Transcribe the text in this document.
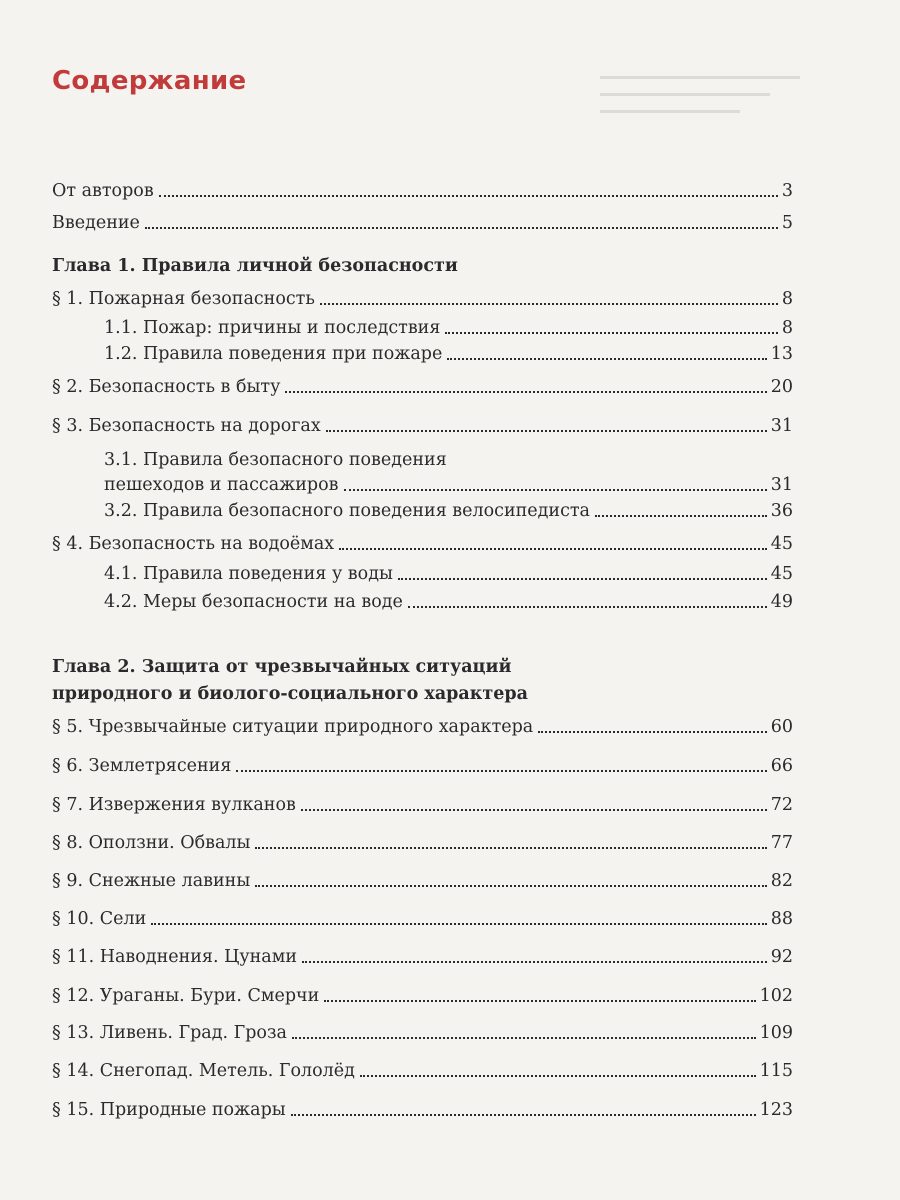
Содержание
От авторов	3
Введение	5
Глава 1. Правила личной безопасности
§ 1. Пожарная безопасность	8
1.1. Пожар: причины и последствия	8
1.2. Правила поведения при пожаре	13
§ 2. Безопасность в быту	20
§ 3. Безопасность на дорогах	31
3.1. Правила безопасного поведения
пешеходов и пассажиров	31
3.2. Правила безопасного поведения велосипедиста	36
§ 4. Безопасность на водоёмах	45
4.1. Правила поведения у воды	45
4.2. Меры безопасности на воде	49
Глава 2. Защита от чрезвычайных ситуаций
природного и биолого-социального характера
§ 5. Чрезвычайные ситуации природного характера	60
§ 6. Землетрясения	66
§ 7. Извержения вулканов	72
§ 8. Оползни. Обвалы	77
§ 9. Снежные лавины	82
§ 10. Сели	88
§ 11. Наводнения. Цунами	92
§ 12. Ураганы. Бури. Смерчи	102
§ 13. Ливень. Град. Гроза	109
§ 14. Снегопад. Метель. Гололёд	115
§ 15. Природные пожары	123
